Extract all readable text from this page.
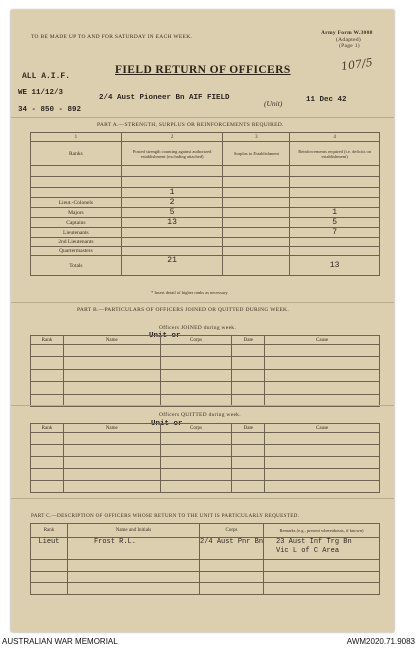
TO BE MADE UP TO AND FOR SATURDAY IN EACH WEEK.
Army Form W.3008
(Adapted)
(Page 1)
107/5
FIELD RETURN OF OFFICERS
ALL A.I.F.
WE 11/12/3
34 - 850 - 892
2/4 Aust Pioneer Bn AIF FIELD
(Unit)	11 Dec 42
PART A.—STRENGTH, SURPLUS OR REINFORCEMENTS REQUIRED.
1	2	3	4
Ranks	Posted strength counting against authorized establishment (excluding attached)	Surplus to Establishment	Reinforcements required (i.e. deficits on establishment)

	1		
Lieut.-Colonels	2		
Majors	5		1
Captains	13		5
Lieutenants			7
2nd Lieutenants			
Quartermasters			
Totals	21		13
* Insert detail of higher ranks as necessary.
PART B.—PARTICULARS OF OFFICERS JOINED OR QUITTED DURING WEEK.
Officers JOINED during week.
Unit or
Rank	Name	Corps	Date	Cause

Officers QUITTED during week.
Unit or
Rank	Name	Corps	Date	Cause

PART C.—DESCRIPTION OF OFFICERS WHOSE RETURN TO THE UNIT IS PARTICULARLY REQUESTED.
Rank	Name and Initials	Corps	Remarks (e.g., present whereabouts, if known)
Lieut	Frost R.L.	2/4 Aust Pnr Bn	23 Aust Inf Trg Bn
Vic L of C Area

AUSTRALIAN WAR MEMORIAL	AWM2020.71.9083
